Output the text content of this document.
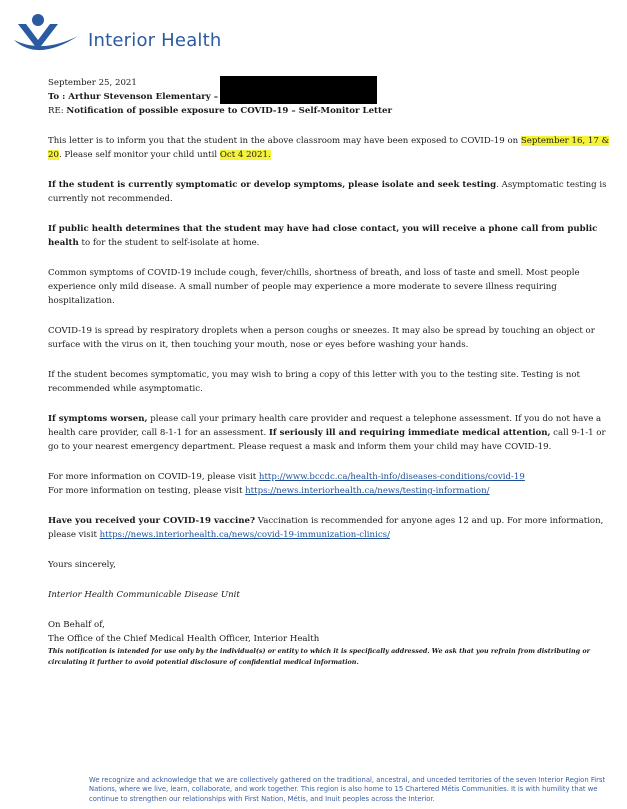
Interior Health

September 25, 2021

To : Arthur Stevenson Elementary –

RE: Notification of possible exposure to COVID-19 – Self-Monitor Letter

This letter is to inform you that the student in the above classroom may have been exposed to COVID-19 on September 16, 17 & 20. Please self monitor your child until Oct 4 2021.

If the student is currently symptomatic or develop symptoms, please isolate and seek testing. Asymptomatic testing is currently not recommended.

If public health determines that the student may have had close contact, you will receive a phone call from public health to for the student to self-isolate at home.

Common symptoms of COVID-19 include cough, fever/chills, shortness of breath, and loss of taste and smell. Most people experience only mild disease. A small number of people may experience a more moderate to severe illness requiring hospitalization.

COVID-19 is spread by respiratory droplets when a person coughs or sneezes. It may also be spread by touching an object or surface with the virus on it, then touching your mouth, nose or eyes before washing your hands.

If the student becomes symptomatic, you may wish to bring a copy of this letter with you to the testing site. Testing is not recommended while asymptomatic.

If symptoms worsen, please call your primary health care provider and request a telephone assessment. If you do not have a health care provider, call 8-1-1 for an assessment. If seriously ill and requiring immediate medical attention, call 9-1-1 or go to your nearest emergency department. Please request a mask and inform them your child may have COVID-19.

For more information on COVID-19, please visit http://www.bccdc.ca/health-info/diseases-conditions/covid-19

For more information on testing, please visit https://news.interiorhealth.ca/news/testing-information/

Have you received your COVID-19 vaccine? Vaccination is recommended for anyone ages 12 and up. For more information, please visit https://news.interiorhealth.ca/news/covid-19-immunization-clinics/

Yours sincerely,

Interior Health Communicable Disease Unit

On Behalf of,

The Office of the Chief Medical Health Officer, Interior Health

This notification is intended for use only by the individual(s) or entity to which it is specifically addressed. We ask that you refrain from distributing or circulating it further to avoid potential disclosure of confidential medical information.

We recognize and acknowledge that we are collectively gathered on the traditional, ancestral, and unceded territories of the seven Interior Region First Nations, where we live, learn, collaborate, and work together. This region is also home to 15 Chartered Métis Communities. It is with humility that we continue to strengthen our relationships with First Nation, Métis, and Inuit peoples across the Interior.
